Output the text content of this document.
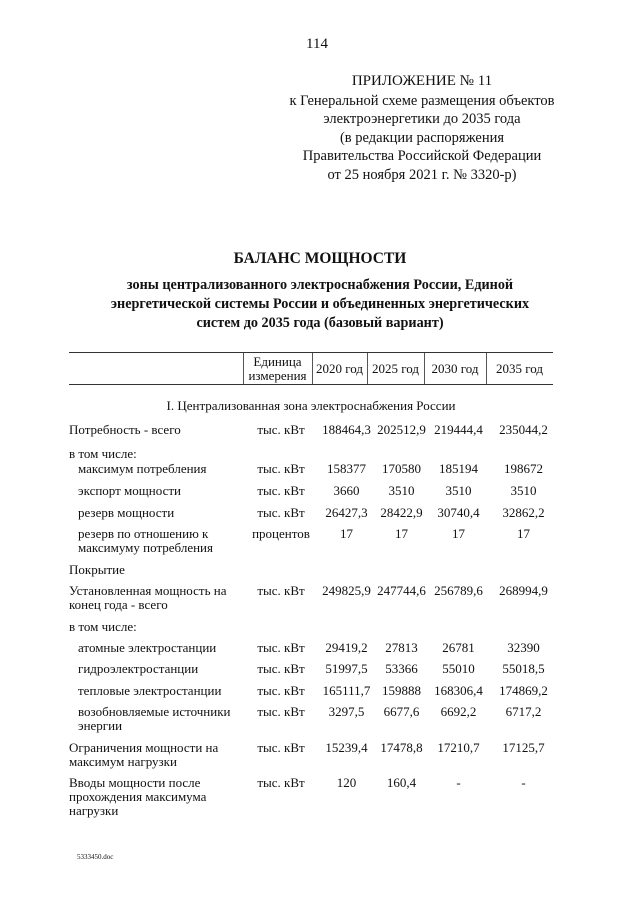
114
ПРИЛОЖЕНИЕ № 11
к Генеральной схеме размещения объектов
электроэнергетики до 2035 года
(в редакции распоряжения
Правительства Российской Федерации
от 25 ноября 2021 г. № 3320-р)
БАЛАНС МОЩНОСТИ
зоны централизованного электроснабжения России, Единой
энергетической системы России и объединенных энергетических
систем до 2035 года (базовый вариант)
Единица измерения 2020 год 2025 год 2030 год	2035 год
I. Централизованная зона электроснабжения России
Потребность - всего	тыс. кВт	188464,3 202512,9 219444,4	235044,2
в том числе:
максимум потребления	тыс. кВт	158377	170580	185194	198672
экспорт мощности	тыс. кВт	3660	3510	3510	3510
резерв мощности	тыс. кВт	26427,3 28422,9	30740,4	32862,2
резерв по отношению к максимуму потребления
процентов	17	17	17	17
Покрытие
Установленная мощность на конец года - всего
тыс. кВт	249825,9 247744,6 256789,6	268994,9
в том числе:
атомные электростанции	тыс. кВт	29419,2	27813	26781	32390
гидроэлектростанции	тыс. кВт	51997,5	53366	55010	55018,5
тепловые электростанции	тыс. кВт	165111,7 159888	168306,4	174869,2
возобновляемые источники энергии
тыс. кВт	3297,5	6677,6	6692,2	6717,2
Ограничения мощности на максимум нагрузки
тыс. кВт	15239,4 17478,8	17210,7	17125,7
Вводы мощности после прохождения максимума нагрузки
тыс. кВт	120	160,4	-	-
5333450.doc
